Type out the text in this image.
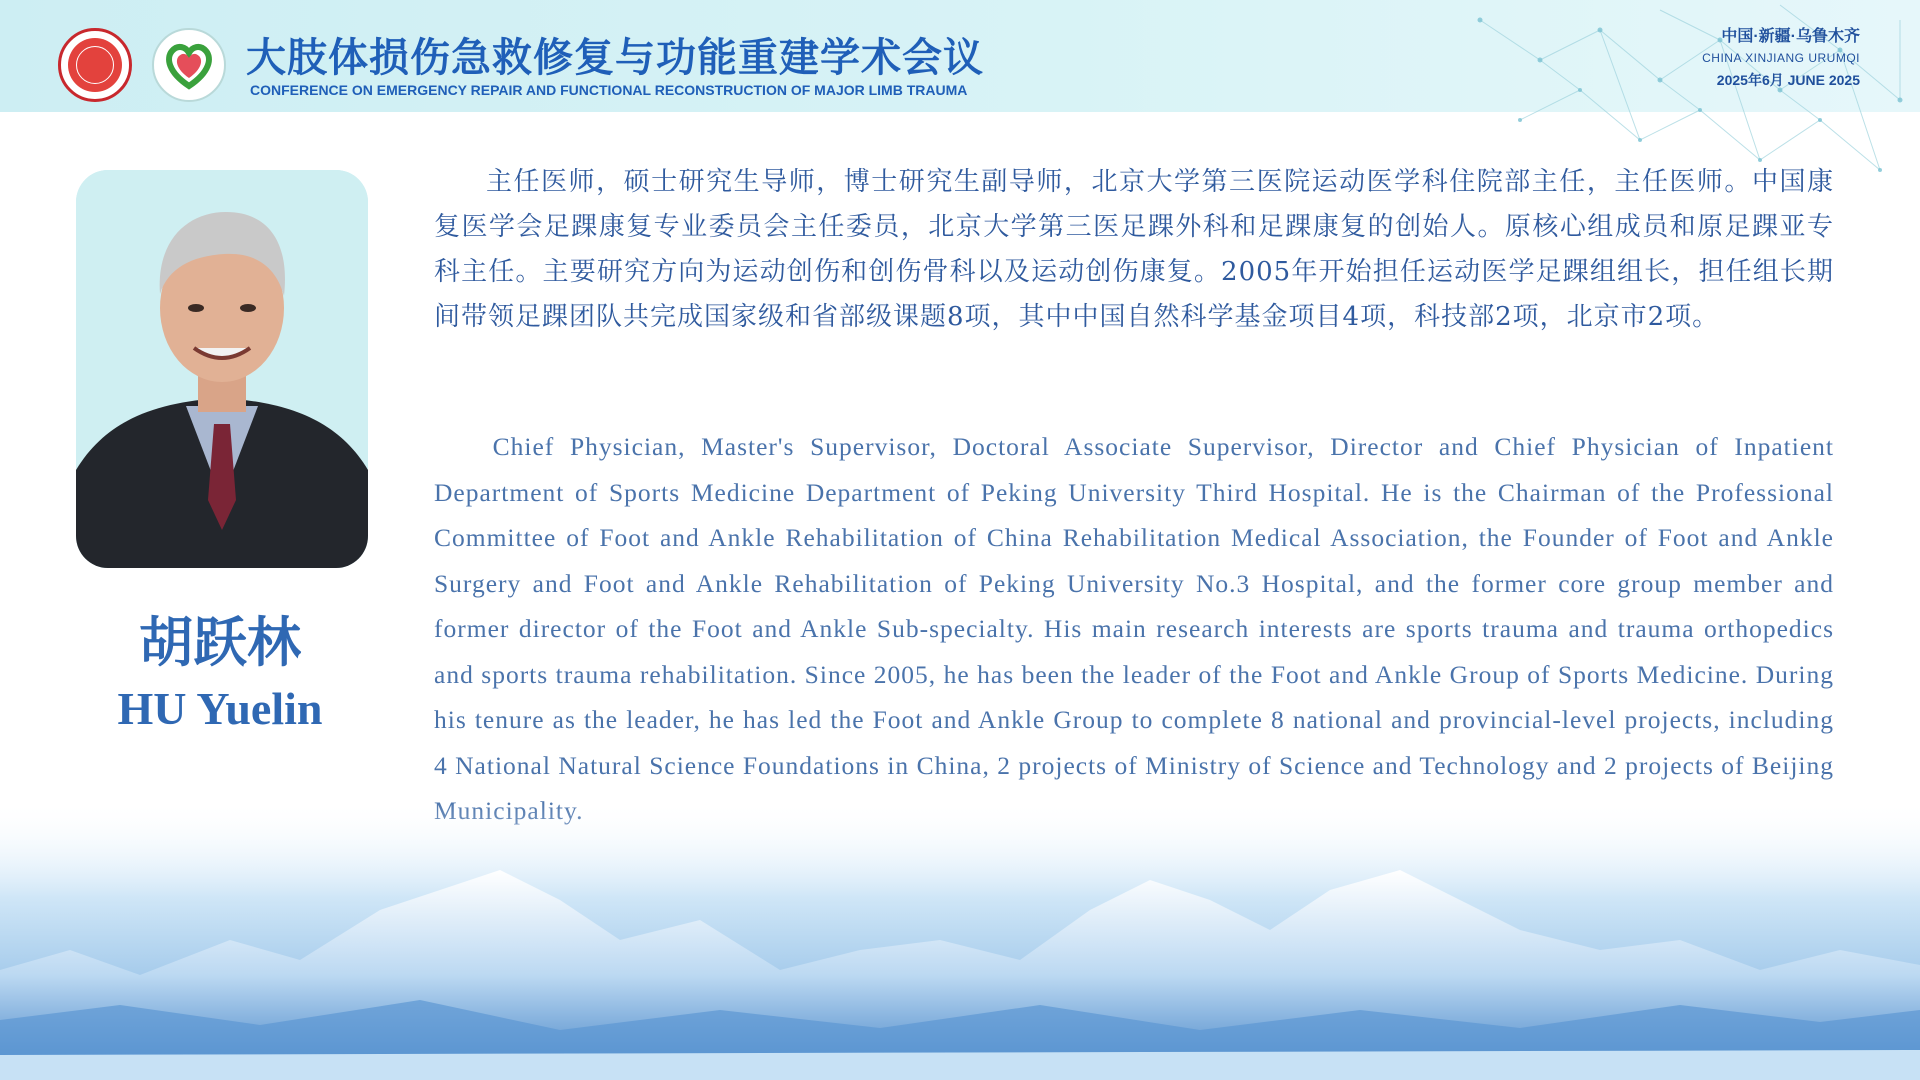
大肢体损伤急救修复与功能重建学术会议
CONFERENCE ON EMERGENCY REPAIR AND FUNCTIONAL RECONSTRUCTION OF MAJOR LIMB TRAUMA
中国·新疆·乌鲁木齐
CHINA XINJIANG URUMQI
2025年6月 JUNE 2025
胡跃林
HU Yuelin
主任医师，硕士研究生导师，博士研究生副导师，北京大学第三医院运动医学科住院部主任，主任医师。中国康复医学会足踝康复专业委员会主任委员，北京大学第三医足踝外科和足踝康复的创始人。原核心组成员和原足踝亚专科主任。主要研究方向为运动创伤和创伤骨科以及运动创伤康复。2005年开始担任运动医学足踝组组长，担任组长期间带领足踝团队共完成国家级和省部级课题8项，其中中国自然科学基金项目4项，科技部2项，北京市2项。
Chief Physician, Master's Supervisor, Doctoral Associate Supervisor, Director and Chief Physician of Inpatient Department of Sports Medicine Department of Peking University Third Hospital. He is the Chairman of the Professional Committee of Foot and Ankle Rehabilitation of China Rehabilitation Medical Association, the Founder of Foot and Ankle Surgery and Foot and Ankle Rehabilitation of Peking University No.3 Hospital, and the former core group member and former director of the Foot and Ankle Sub-specialty. His main research interests are sports trauma and trauma orthopedics and sports trauma rehabilitation. Since 2005, he has been the leader of the Foot and Ankle Group of Sports Medicine. During his tenure as the leader, he has led the Foot and Ankle Group to complete 8 national and provincial-level projects, including 4 National Natural Science Foundations in China, 2 projects of Ministry of Science and Technology and 2 projects of Beijing
